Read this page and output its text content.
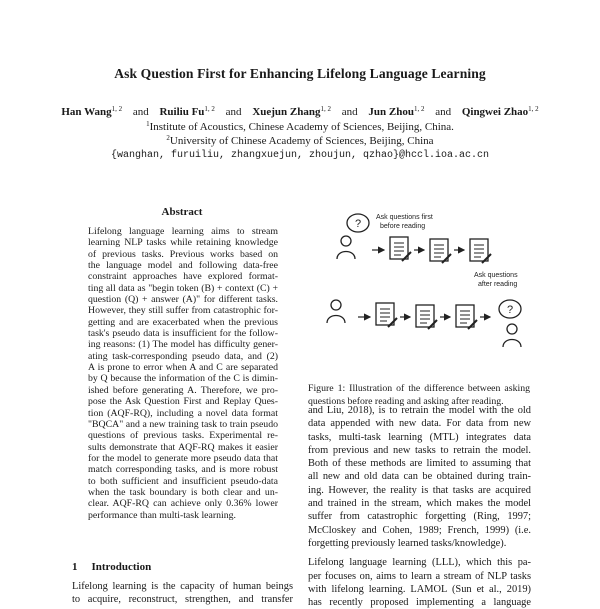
Ask Question First for Enhancing Lifelong Language Learning
Han Wang$^{1, 2}$ and Ruiliu Fu$^{1, 2}$ and Xuejun Zhang$^{1, 2}$ and Jun Zhou$^{1, 2}$ and Qingwei Zhao$^{1, 2}$
$^1$Institute of Acoustics, Chinese Academy of Sciences, Beijing, China.
$^2$University of Chinese Academy of Sciences, Beijing, China
{wanghan, furuiliu, zhangxuejun, zhoujun, qzhao}@hccl.ioa.ac.cn
Abstract
Lifelong language learning aims to stream
learning NLP tasks while retaining knowledge
of previous tasks. Previous works based on
the language model and following data-free
constraint approaches have explored format-
ting all data as "begin token (B) + context (C) +
question (Q) + answer (A)" for different tasks.
However, they still suffer from catastrophic for-
getting and are exacerbated when the previous
task's pseudo data is insufficient for the follow-
ing reasons: (1) The model has difficulty gener-
ating task-corresponding pseudo data, and (2)
A is prone to error when A and C are separated
by Q because the information of the C is dimin-
ished before generating A. Therefore, we pro-
pose the Ask Question First and Replay Ques-
tion (AQF-RQ), including a novel data format
"BQCA" and a new training task to train pseudo
questions of previous tasks. Experimental re-
sults demonstrate that AQF-RQ makes it easier
for the model to generate more pseudo data that
match corresponding tasks, and is more robust
to both sufficient and insufficient pseudo-data
when the task boundary is both clear and un-
clear. AQF-RQ can achieve only 0.36% lower
performance than multi-task learning.
1 Introduction
Lifelong learning is the capacity of human beings
to acquire, reconstruct, strengthen, and transfer
?
Ask questions first
before reading
?
Ask questions
after reading
Figure 1: Illustration of the difference between asking
questions before reading and asking after reading.
and Liu, 2018), is to retrain the model with the old
data appended with new data. For data from new
tasks, multi-task learning (MTL) integrates data
from previous and new tasks to retrain the model.
Both of these methods are limited to assuming that
all new and old data can be obtained during train-
ing. However, the reality is that tasks are acquired
and trained in the stream, which makes the model
suffer from catastrophic forgetting (Ring, 1997;
McCloskey and Cohen, 1989; French, 1999) (i.e.
forgetting previously learned tasks/knowledge).
Lifelong language learning (LLL), which this pa-
per focuses on, aims to learn a stream of NLP tasks
with lifelong learning. LAMOL (Sun et al., 2019)
has recently proposed implementing a language
